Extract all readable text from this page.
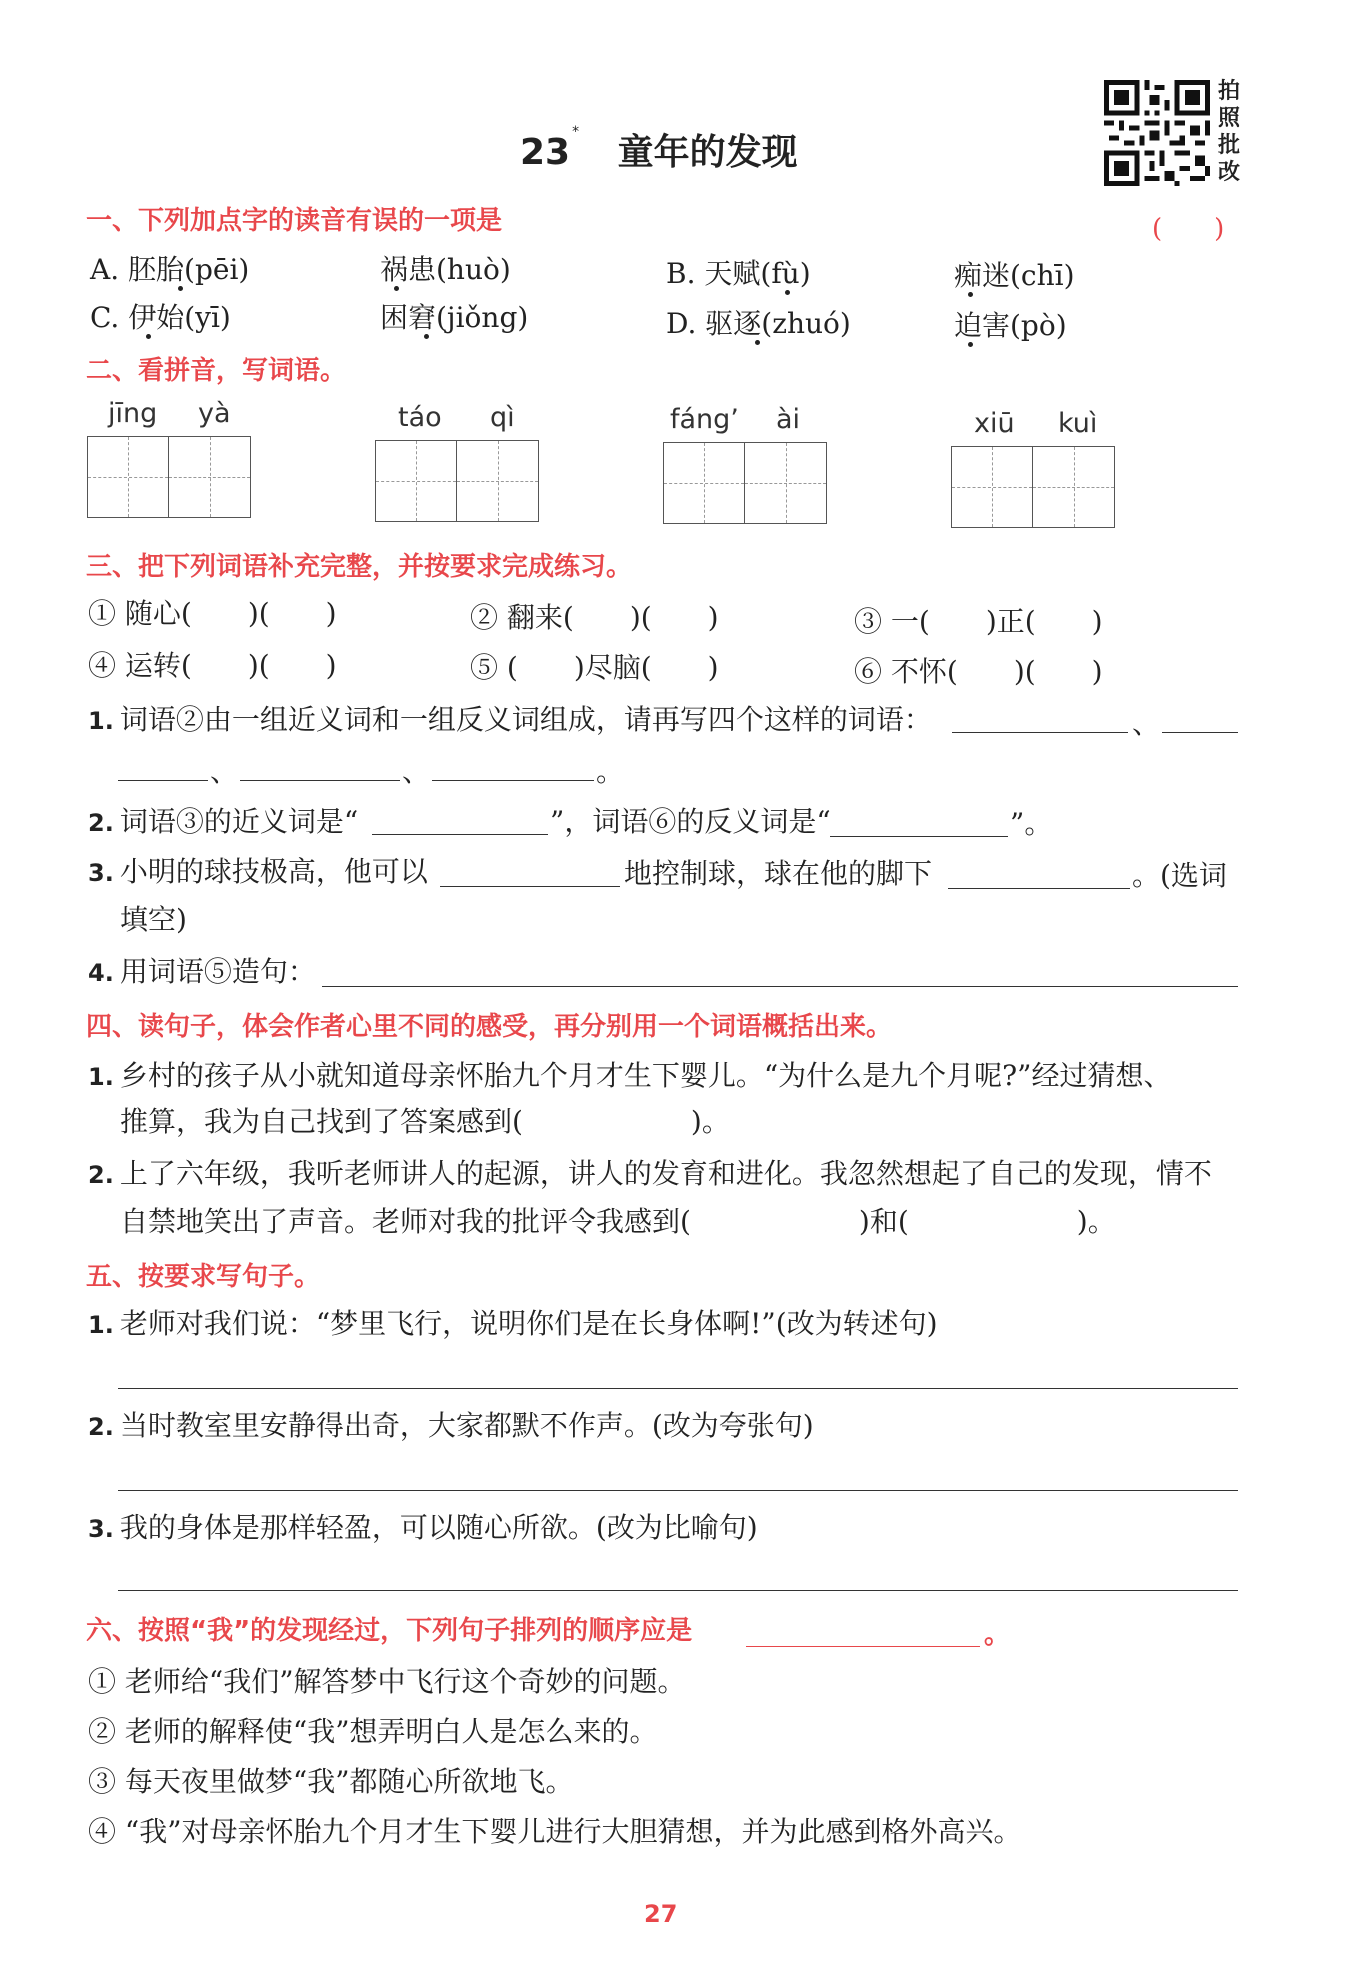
23 * 童年的发现
拍照批改
一、下列加点字的读音有误的一项是	(　　)
A. 胚胎(pēi)	祸患(huò)	B. 天赋(fù)	痴迷(chī)
C. 伊始(yī)	困窘(jiǒng)	D. 驱逐(zhuó)	迫害(pò)
二、看拼音，写词语。
jīng yà	táo qì	fáng’ ài	xiū kuì
三、把下列词语补充完整，并按要求完成练习。
① 随心(　　)(　　)	② 翻来(　　)(　　)	③ 一(　　)正(　　)
④ 运转(　　)(　　)	⑤ (　　)尽脑(　　)	⑥ 不怀(　　)(　　)
1. 词语②由一组近义词和一组反义词组成，请再写四个这样的词语：	、
、	、	。
2. 词语③的近义词是“	”，词语⑥的反义词是“	”。
3. 小明的球技极高，他可以	地控制球，球在他的脚下	。(选词
填空)
4. 用词语⑤造句：
四、读句子，体会作者心里不同的感受，再分别用一个词语概括出来。
1. 乡村的孩子从小就知道母亲怀胎九个月才生下婴儿。“为什么是九个月呢?”经过猜想、
推算，我为自己找到了答案感到(　　　　　　)。
2. 上了六年级，我听老师讲人的起源，讲人的发育和进化。我忽然想起了自己的发现，情不
自禁地笑出了声音。老师对我的批评令我感到(　　　　　　)和(　　　　　　)。
五、按要求写句子。
1. 老师对我们说：“梦里飞行，说明你们是在长身体啊!”(改为转述句)
2. 当时教室里安静得出奇，大家都默不作声。(改为夸张句)
3. 我的身体是那样轻盈，可以随心所欲。(改为比喻句)
六、按照“我”的发现经过，下列句子排列的顺序应是	。
① 老师给“我们”解答梦中飞行这个奇妙的问题。
② 老师的解释使“我”想弄明白人是怎么来的。
③ 每天夜里做梦“我”都随心所欲地飞。
④ “我”对母亲怀胎九个月才生下婴儿进行大胆猜想，并为此感到格外高兴。
27
